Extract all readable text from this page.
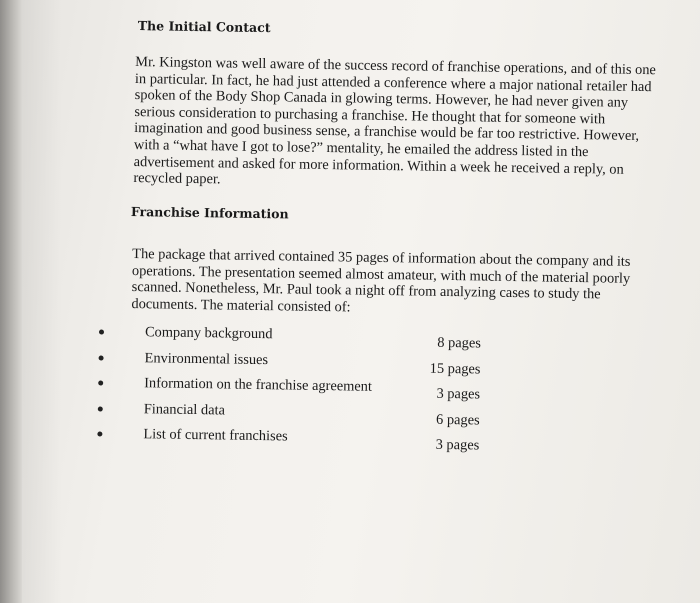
The Initial Contact

Mr. Kingston was well aware of the success record of franchise operations, and of this one in particular. In fact, he had just attended a conference where a major national retailer had spoken of the Body Shop Canada in glowing terms. However, he had never given any serious consideration to purchasing a franchise. He thought that for someone with imagination and good business sense, a franchise would be far too restrictive. However, with a “what have I got to lose?” mentality, he emailed the address listed in the advertisement and asked for more information. Within a week he received a reply, on recycled paper.

Franchise Information

The package that arrived contained 35 pages of information about the company and its operations. The presentation seemed almost amateur, with much of the material poorly scanned. Nonetheless, Mr. Paul took a night off from analyzing cases to study the documents. The material consisted of:

Company background
Environmental issues
Information on the franchise agreement
Financial data
List of current franchises
8 pages
15 pages
3 pages
6 pages
3 pages
